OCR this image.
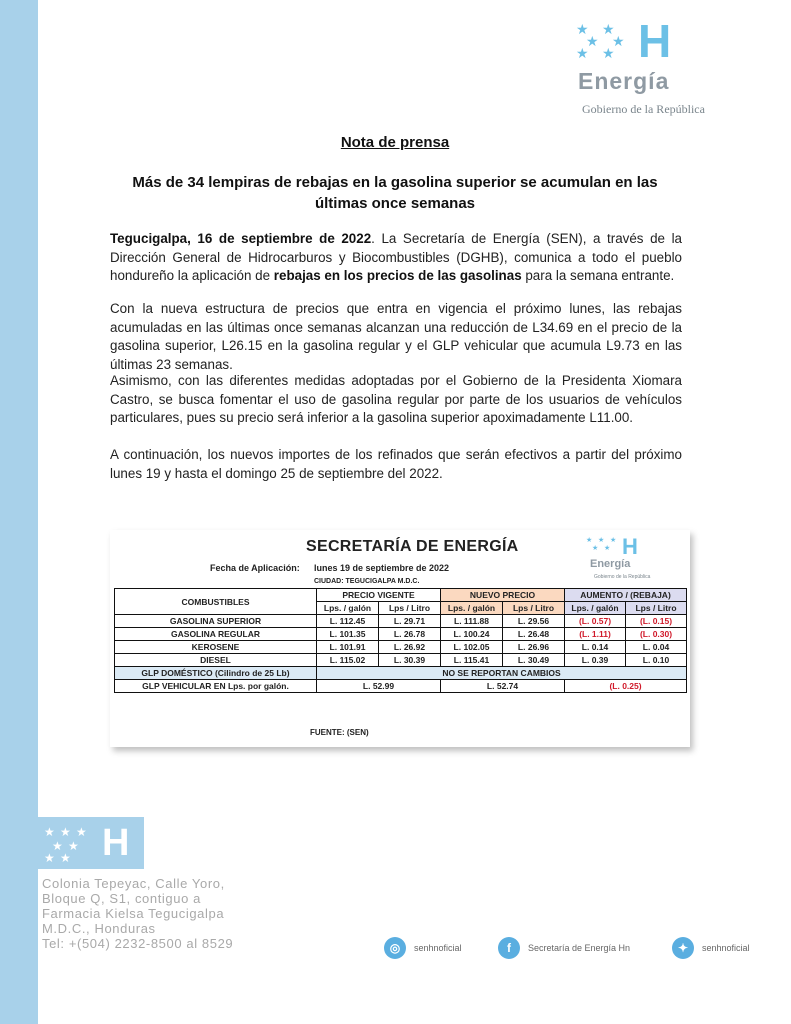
★ ★
★ ★
★ ★ H
Energía
Gobierno de la República
Nota de prensa
Más de 34 lempiras de rebajas en la gasolina superior se acumulan en las últimas once semanas

Tegucigalpa, 16 de septiembre de 2022. La Secretaría de Energía (SEN), a través de la Dirección General de Hidrocarburos y Biocombustibles (DGHB), comunica a todo el pueblo hondureño la aplicación de rebajas en los precios de las gasolinas para la semana entrante.

Con la nueva estructura de precios que entra en vigencia el próximo lunes, las rebajas acumuladas en las últimas once semanas alcanzan una reducción de L34.69 en el precio de la gasolina superior, L26.15 en la gasolina regular y el GLP vehicular que acumula L9.73 en las últimas 23 semanas.

Asimismo, con las diferentes medidas adoptadas por el Gobierno de la Presidenta Xiomara Castro, se busca fomentar el uso de gasolina regular por parte de los usuarios de vehículos particulares, pues su precio será inferior a la gasolina superior apoximadamente L11.00.

A continuación, los nuevos importes de los refinados que serán efectivos a partir del próximo lunes 19 y hasta el domingo 25 de septiembre del 2022.

SECRETARÍA DE ENERGÍA
Fecha de Aplicación: lunes 19 de septiembre de 2022
CIUDAD: TEGUCIGALPA M.D.C.
★ ★ ★
★ ★ H
Energía
Gobierno de la República
COMBUSTIBLES	PRECIO VIGENTE		NUEVO PRECIO		AUMENTO / (REBAJA)	
	Lps. / galón	Lps / Litro	Lps. / galón	Lps / Litro	Lps. / galón	Lps / Litro
GASOLINA SUPERIOR	L. 112.45	L. 29.71	L. 111.88	L. 29.56	(L. 0.57)	(L. 0.15)
GASOLINA REGULAR	L. 101.35	L. 26.78	L. 100.24	L. 26.48	(L. 1.11)	(L. 0.30)
KEROSENE	L. 101.91	L. 26.92	L. 102.05	L. 26.96	L. 0.14	L. 0.04
DIESEL	L. 115.02	L. 30.39	L. 115.41	L. 30.49	L. 0.39	L. 0.10
GLP DOMÉSTICO (Cilindro de 25 Lb)	NO SE REPORTAN CAMBIOS					
GLP VEHICULAR EN Lps. por galón.	L. 52.99		L. 52.74		(L. 0.25)	
FUENTE: (SEN)
★ ★ ★
★ ★
★ ★ H
Colonia Tepeyac, Calle Yoro,
Bloque Q, S1, contiguo a
Farmacia Kielsa Tegucigalpa
M.D.C., Honduras
Tel: +(504) 2232-8500 al 8529	◎	senhnoficial	f	Secretaría de Energía Hn	✦	senhnoficial
